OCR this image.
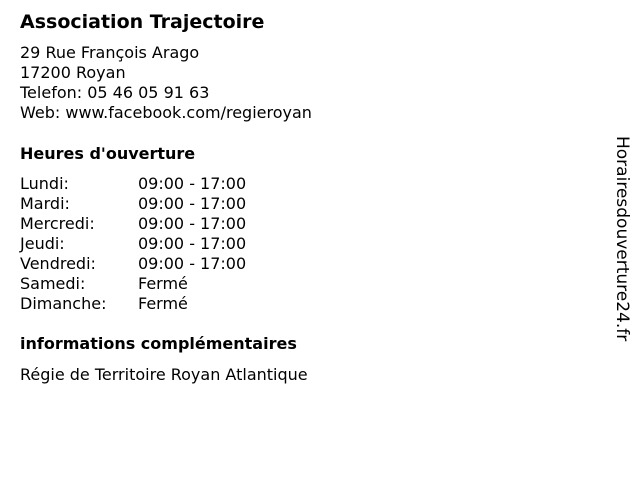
Association Trajectoire
29 Rue François Arago
17200 Royan
Telefon: 05 46 05 91 63
Web: www.facebook.com/regieroyan
Heures d'ouverture
Lundi:	09:00 - 17:00
Mardi:	09:00 - 17:00
Mercredi:	09:00 - 17:00
Jeudi:	09:00 - 17:00
Vendredi:	09:00 - 17:00
Samedi:	Fermé
Dimanche:	Fermé
informations complémentaires
Régie de Territoire Royan Atlantique
Horairesdouverture24.fr
